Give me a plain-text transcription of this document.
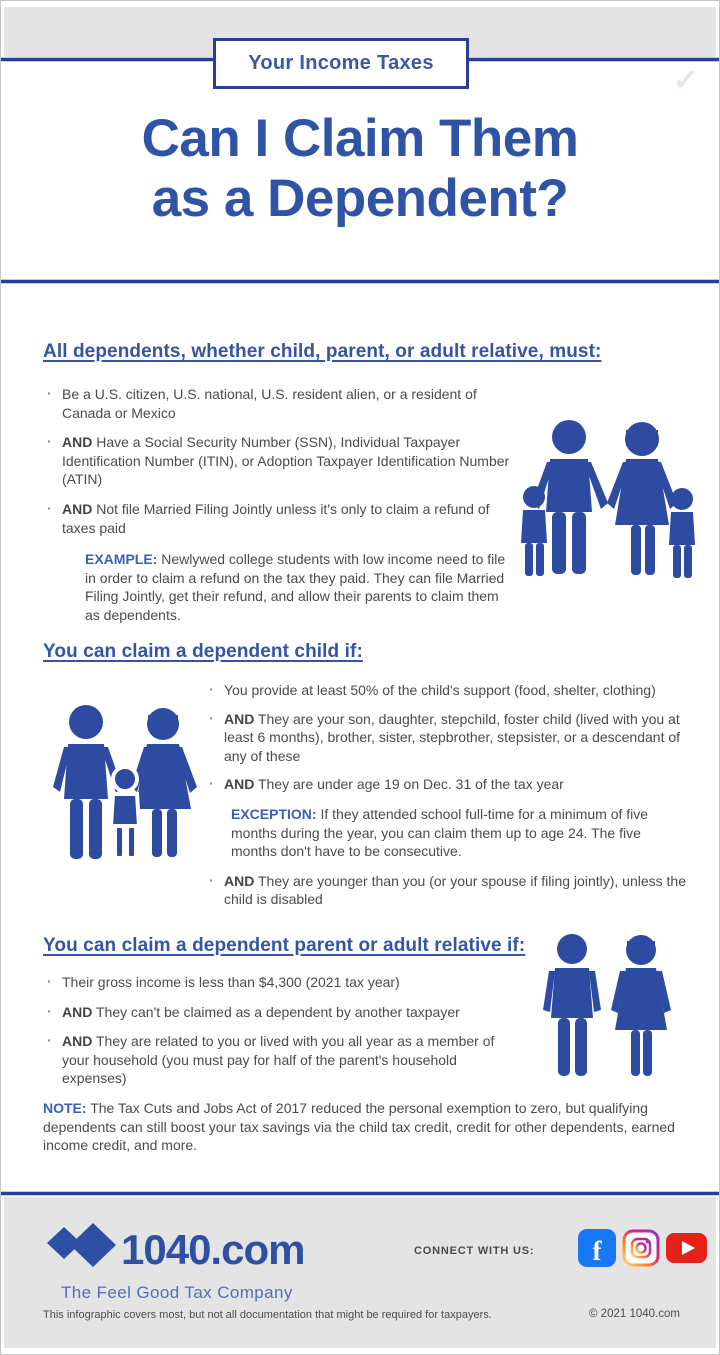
Your Income Taxes
✓
Can I Claim Them
as a Dependent?
All dependents, whether child, parent, or adult relative, must:
· Be a U.S. citizen, U.S. national, U.S. resident alien, or a resident of Canada or Mexico
· AND Have a Social Security Number (SSN), Individual Taxpayer Identification Number (ITIN), or Adoption Taxpayer Identification Number (ATIN)
· AND Not file Married Filing Jointly unless it's only to claim a refund of taxes paid
EXAMPLE: Newlywed college students with low income need to file in order to claim a refund on the tax they paid. They can file Married Filing Jointly, get their refund, and allow their parents to claim them as dependents.
You can claim a dependent child if:
· You provide at least 50% of the child's support (food, shelter, clothing)
· AND They are your son, daughter, stepchild, foster child (lived with you at least 6 months), brother, sister, stepbrother, stepsister, or a descendant of any of these
· AND They are under age 19 on Dec. 31 of the tax year
EXCEPTION: If they attended school full-time for a minimum of five months during the year, you can claim them up to age 24. The five months don't have to be consecutive.
· AND They are younger than you (or your spouse if filing jointly), unless the child is disabled
You can claim a dependent parent or adult relative if:
· Their gross income is less than $4,300 (2021 tax year)
· AND They can't be claimed as a dependent by another taxpayer
· AND They are related to you or lived with you all year as a member of your household (you must pay for half of the parent's household expenses)
NOTE: The Tax Cuts and Jobs Act of 2017 reduced the personal exemption to zero, but qualifying dependents can still boost your tax savings via the child tax credit, credit for other dependents, earned income credit, and more.
1040.com
The Feel Good Tax Company
CONNECT WITH US: f
This infographic covers most, but not all documentation that might be required for taxpayers.	© 2021 1040.com
